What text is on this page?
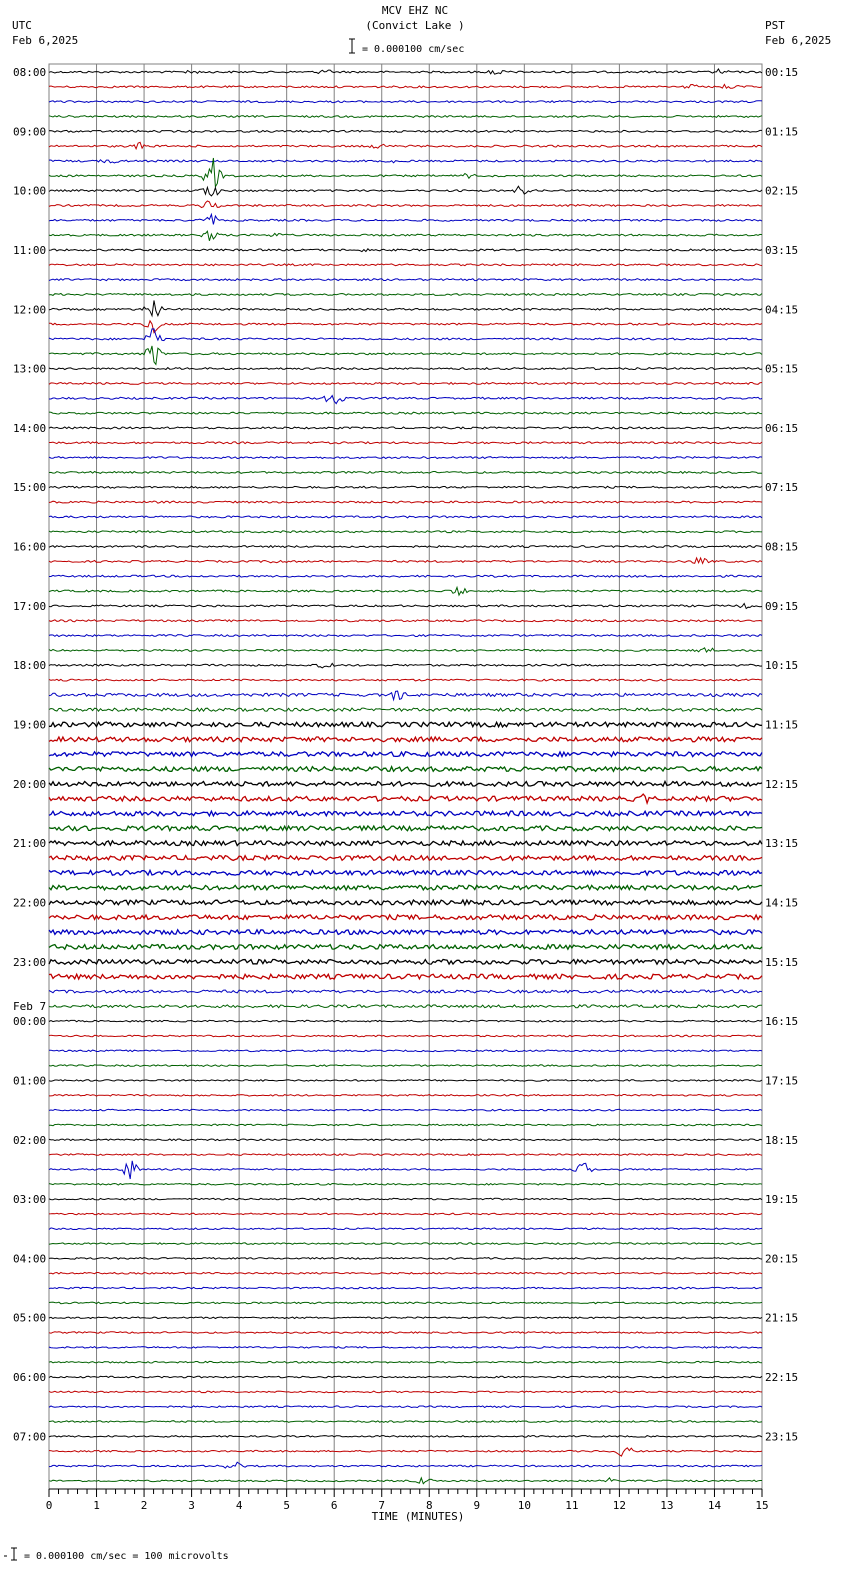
MCV EHZ NC
(Convict Lake )
UTC
Feb 6,2025
PST
Feb 6,2025
= 0.000100 cm/sec
08:00
09:00
10:00
11:00
12:00
13:00
14:00
15:00
16:00
17:00
18:00
19:00
20:00
21:00
22:00
23:00
Feb 7
00:00
01:00
02:00
03:00
04:00
05:00
06:00
07:00
00:15
01:15
02:15
03:15
04:15
05:15
06:15
07:15
08:15
09:15
10:15
11:15
12:15
13:15
14:15
15:15
16:15
17:15
18:15
19:15
20:15
21:15
22:15
23:15
0	1	2	3	4	5	6	7	8	9	10	11	12	13	14	15
TIME (MINUTES)
= 0.000100 cm/sec = 100 microvolts
